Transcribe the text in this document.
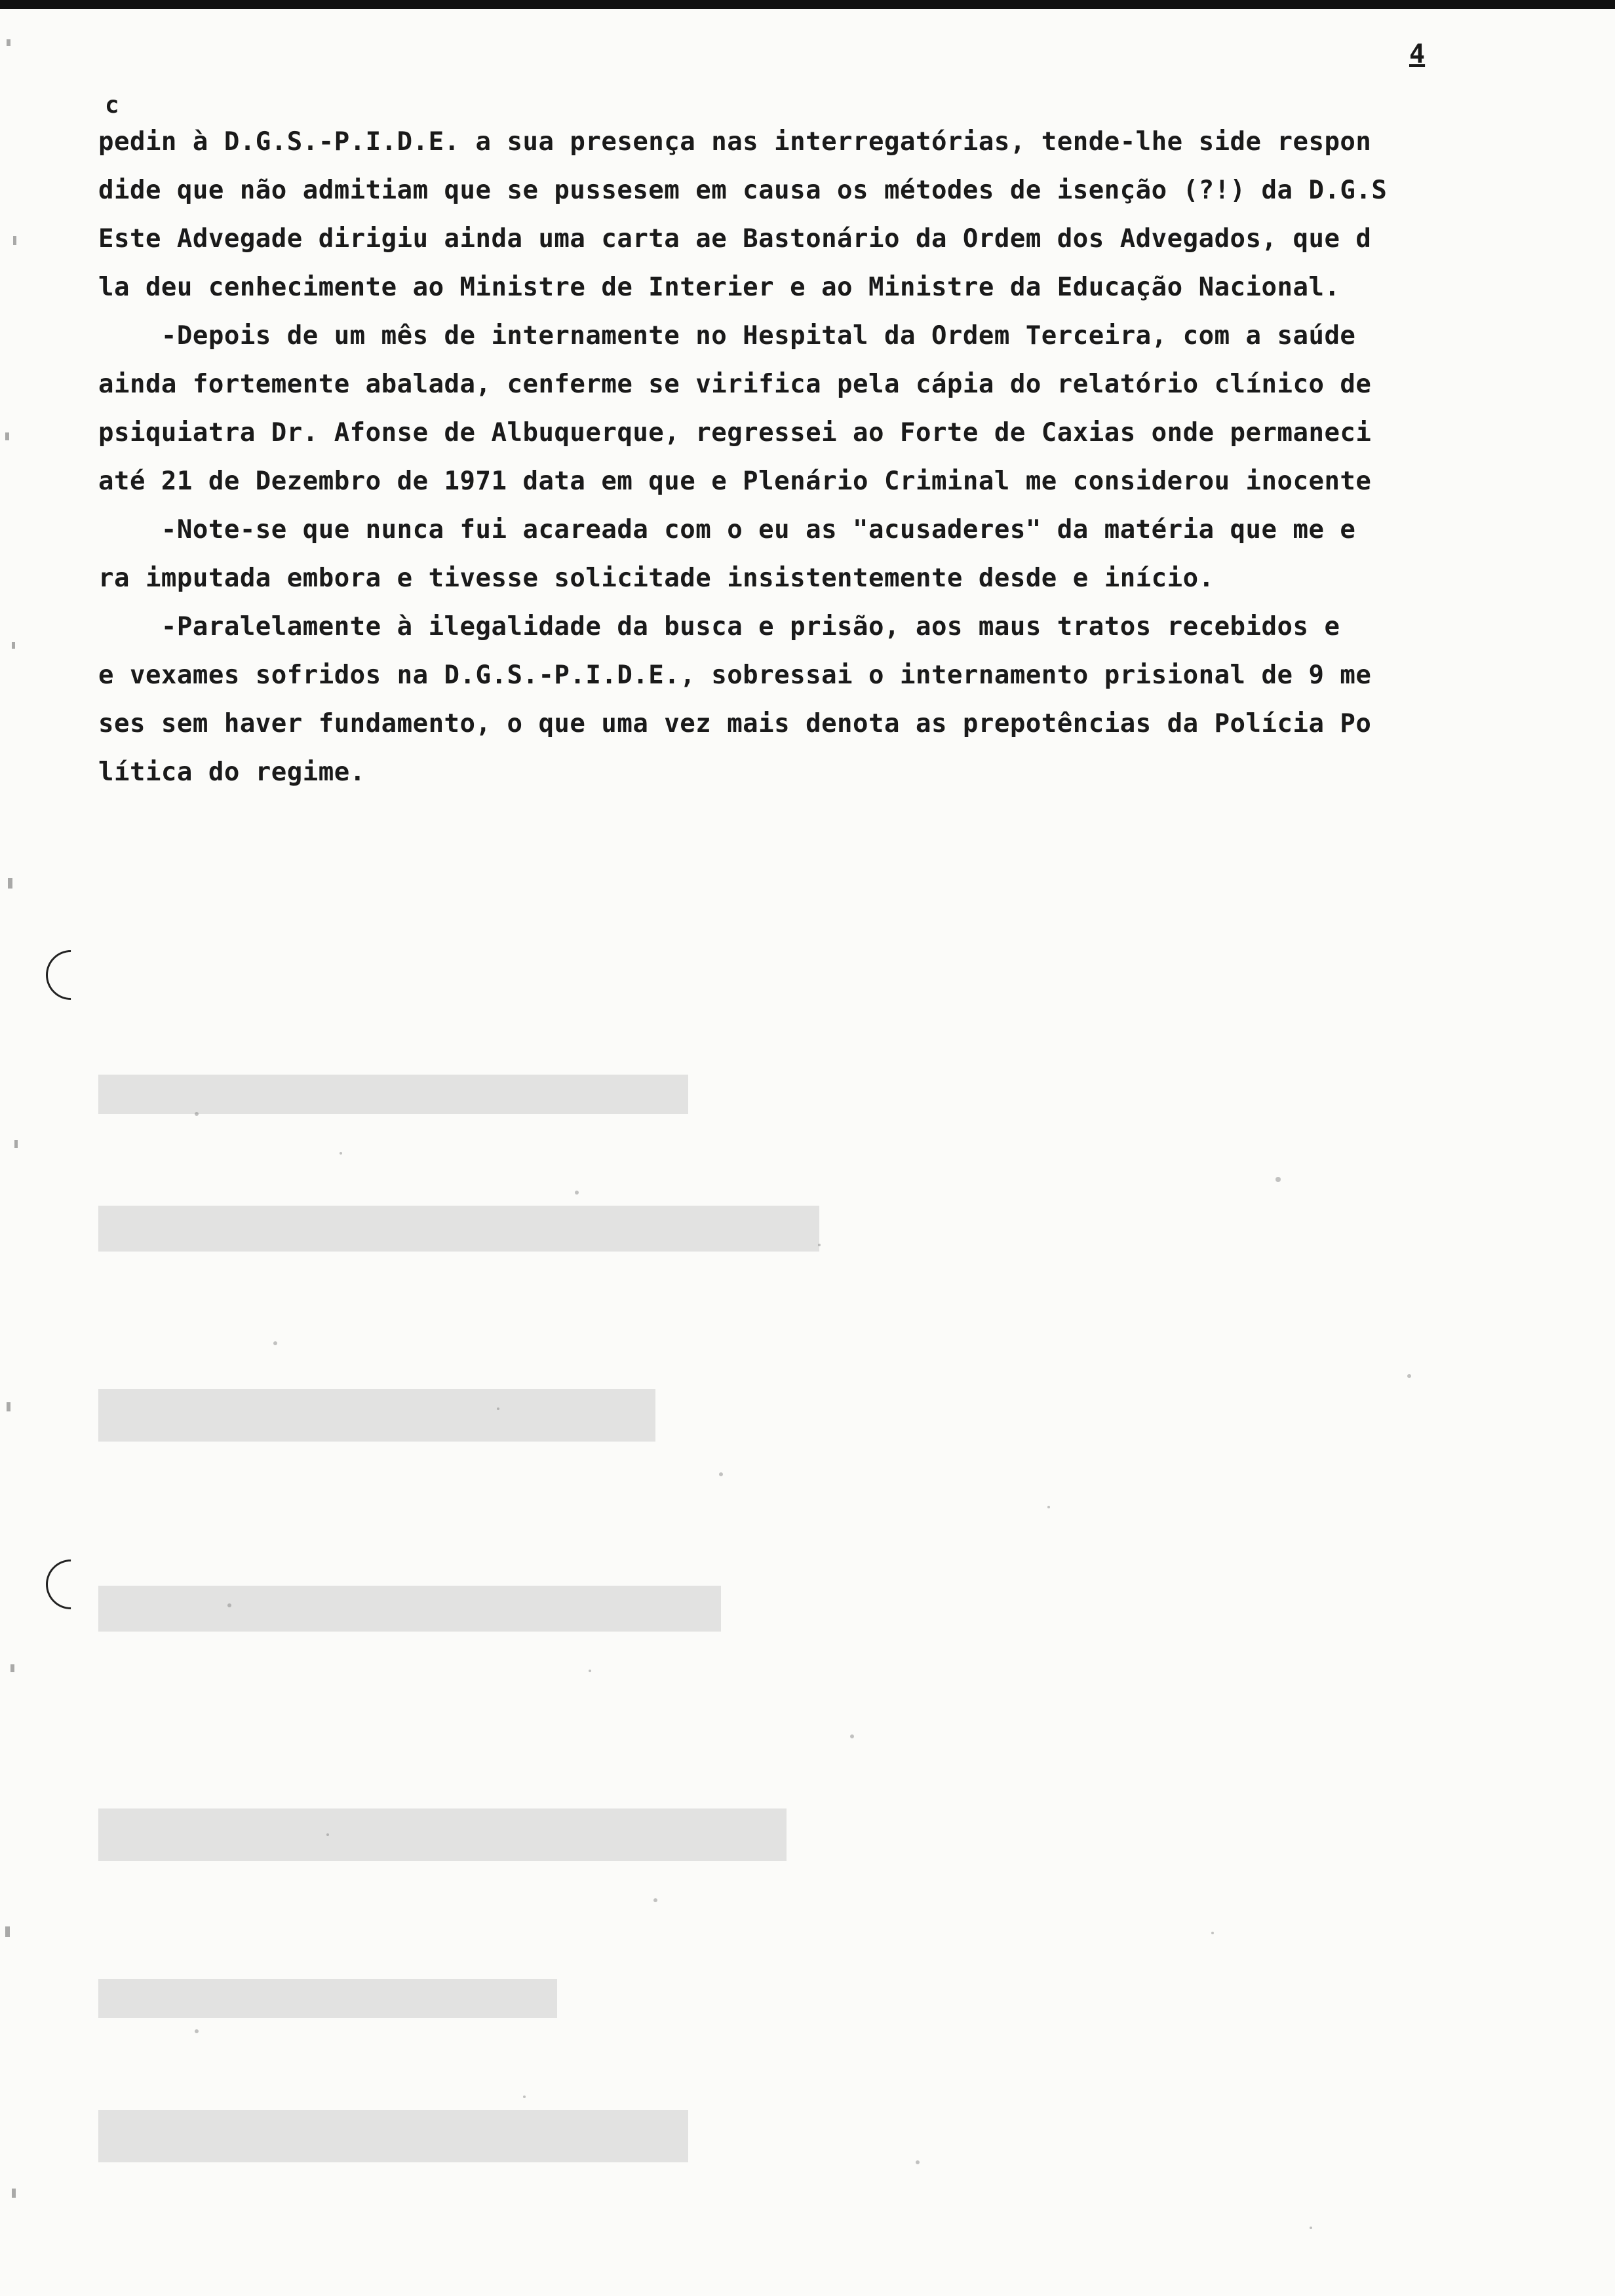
4
c
pedin à D.G.S.-P.I.D.E. a sua presença nas interregatórias, tende-lhe side respon
dide que não admitiam que se pussesem em causa os métodes de isenção (?!) da D.G.S
Este Advegade dirigiu ainda uma carta ae Bastonário da Ordem dos Advegados, que d
la deu cenhecimente ao Ministre de Interier e ao Ministre da Educação Nacional.
-Depois de um mês de internamente no Hespital da Ordem Terceira, com a saúde
ainda fortemente abalada, cenferme se virifica pela cápia do relatório clínico de
psiquiatra Dr. Afonse de Albuquerque, regressei ao Forte de Caxias onde permaneci
até 21 de Dezembro de 1971 data em que e Plenário Criminal me considerou inocente
-Note-se que nunca fui acareada com o eu as "acusaderes" da matéria que me e
ra imputada embora e tivesse solicitade insistentemente desde e início.
-Paralelamente à ilegalidade da busca e prisão, aos maus tratos recebidos e
e vexames sofridos na D.G.S.-P.I.D.E., sobressai o internamento prisional de 9 me
ses sem haver fundamento, o que uma vez mais denota as prepotências da Polícia Po
lítica do regime.
